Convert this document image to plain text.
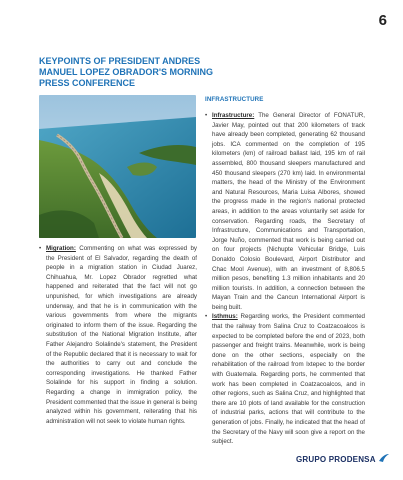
6
KEYPOINTS OF PRESIDENT ANDRES MANUEL LOPEZ OBRADOR'S MORNING PRESS CONFERENCE
INFRASTRUCTURE
• Migration: Commenting on what was expressed by the President of El Salvador, regarding the death of people in a migration station in Ciudad Juarez, Chihuahua, Mr. Lopez Obrador regretted what happened and reiterated that the fact will not go unpunished, for which investigations are already underway, and that he is in communication with the various governments from where the migrants originated to inform them of the issue. Regarding the substitution of the National Migration Institute, after Father Alejandro Solalinde's statement, the President of the Republic declared that it is necessary to wait for the authorities to carry out and conclude the corresponding investigations. He thanked Father Solalinde for his support in finding a solution. Regarding a change in immigration policy, the President commented that the issue in general is being analyzed within his government, reiterating that his administration will not seek to violate human rights.
• Infrastructure: The General Director of FONATUR, Javier May, pointed out that 200 kilometers of track have already been completed, generating 62 thousand jobs. ICA commented on the completion of 195 kilometers (km) of railroad ballast laid, 195 km of rail assembled, 800 thousand sleepers manufactured and 450 thousand sleepers (270 km) laid. In environmental matters, the head of the Ministry of the Environment and Natural Resources, Maria Luisa Albores, showed the progress made in the region's national protected areas, in addition to the areas voluntarily set aside for conservation. Regarding roads, the Secretary of Infrastructure, Communications and Transportation, Jorge Nuño, commented that work is being carried out on four projects (Nichupte Vehicular Bridge, Luis Donaldo Colosio Boulevard, Airport Distributor and Chac Mool Avenue), with an investment of 8,806.5 million pesos, benefiting 1.3 million inhabitants and 20 million tourists. In addition, a connection between the Mayan Train and the Cancun International Airport is being built.
• Isthmus: Regarding works, the President commented that the railway from Salina Cruz to Coatzacoalcos is expected to be completed before the end of 2023, both passenger and freight trains. Meanwhile, work is being done on the other sections, especially on the rehabilitation of the railroad from Ixtepec to the border with Guatemala. Regarding ports, he commented that work has been completed in Coatzacoalcos, and in other regions, such as Salina Cruz, and highlighted that there are 10 plots of land available for the construction of industrial parks, actions that will contribute to the generation of jobs. Finally, he indicated that the head of the Secretary of the Navy will soon give a report on the subject.
GRUPO PRODENSA
